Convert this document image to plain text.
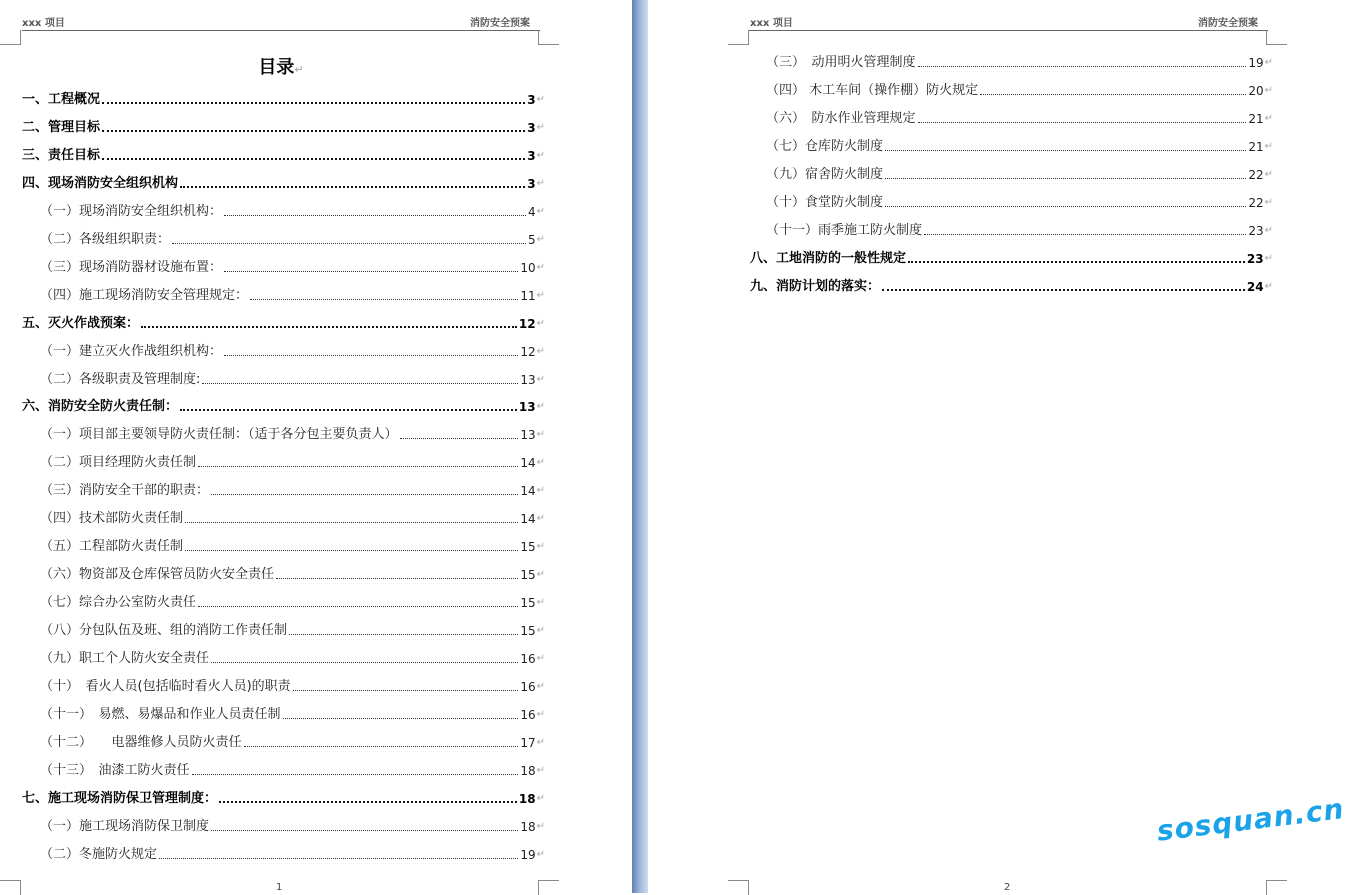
xxx 项目	消防安全预案
目录↵
一、工程概况	3 ↵
二、管理目标	3 ↵
三、责任目标	3 ↵
四、现场消防安全组织机构	3 ↵
（一）现场消防安全组织机构：	4 ↵
（二）各级组织职责：	5 ↵
（三）现场消防器材设施布置：	10 ↵
（四）施工现场消防安全管理规定：	11 ↵
五、灭火作战预案：	12 ↵
（一）建立灭火作战组织机构：	12 ↵
（二）各级职责及管理制度:	13 ↵
六、消防安全防火责任制：	13 ↵
（一）项目部主要领导防火责任制：（适于各分包主要负责人）	13 ↵
（二）项目经理防火责任制	14 ↵
（三）消防安全干部的职责：	14 ↵
（四）技术部防火责任制	14 ↵
（五）工程部防火责任制	15 ↵
（六）物资部及仓库保管员防火安全责任	15 ↵
（七）综合办公室防火责任	15 ↵
（八）分包队伍及班、组的消防工作责任制	15 ↵
（九）职工个人防火安全责任	16 ↵
（十）　看火人员(包括临时看火人员)的职责	16 ↵
（十一）　易燃、易爆品和作业人员责任制	16 ↵
（十二）　　电器维修人员防火责任	17 ↵
（十三）　油漆工防火责任	18 ↵
七、施工现场消防保卫管理制度：	18 ↵
（一）施工现场消防保卫制度	18 ↵
（二）冬施防火规定	19 ↵
1
xxx 项目	消防安全预案
（三）　动用明火管理制度	19 ↵
（四） 木工车间（操作棚）防火规定	20 ↵
（六）　防水作业管理规定	21 ↵
（七）仓库防火制度	21 ↵
（九）宿舍防火制度	22 ↵
（十）食堂防火制度	22 ↵
（十一）雨季施工防火制度	23 ↵
八、工地消防的一般性规定	23 ↵
九、消防计划的落实：	24 ↵
2
sosquan.cn
